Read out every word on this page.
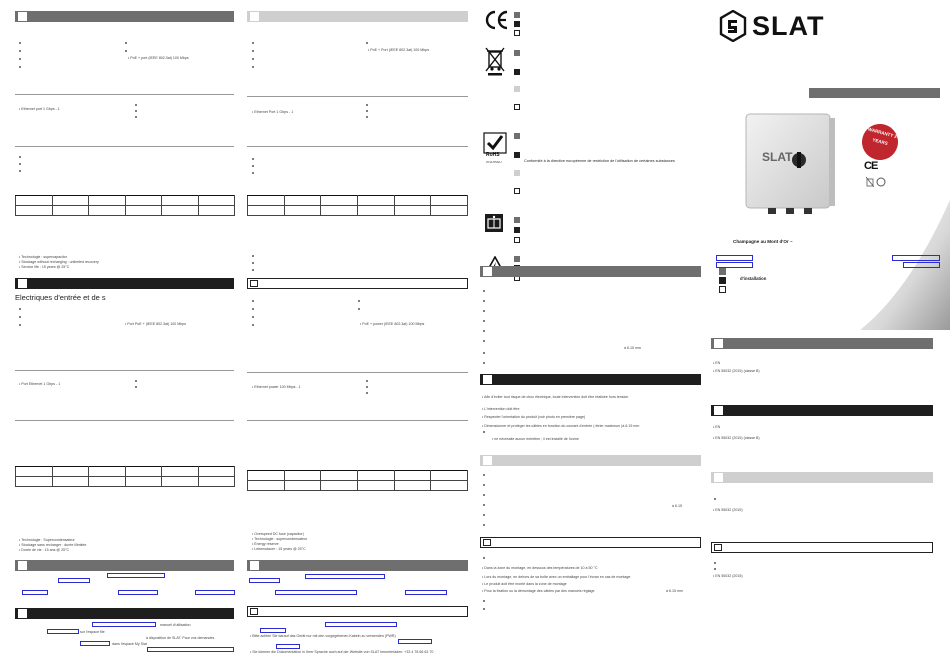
• PoE + port (IEEE 802.3at) 100 Mbps
• Ethernet port 1 Gbps - 1

• Technologie : supercapacitor
• Stockage without recharging : unlimited recovery
• Service life : 15 years @ 25°C
Electriques d'entrée et de s
• Port PoE + (IEEE 802.3at) 100 Mbps
• Port Ethernet 1 Gbps - 1

• Technologie : Supercondensateur
• Stockage sans recharger : durée illimitée
• Durée de vie : 15 ans @ 25°C
manuel d'utilisation
sur l'espace file
à disposition de SLAT. Pour vos demandes
dans l'espace My Slat
• PoE + Port (IEEE 802.3at) 100 Mbps
• Ethernet Port 1 Gbps - 1

• PoE + power (IEEE 802.3at) 100 Mbps
• Ethernet power 100 Mbps - 1

• Overspeed DC fuse (capacitor)
• Technologie : supercondensateur
• Energy reserve
• Lebensdauer : 15 years @ 25°C
• Bitte achten Sie darauf das Gerät nur mit den vorgegebenen Kabeln zu verwenden (PWR)
• Sie können die Dokumentation in Ihrer Sprache auch auf der Website von SLAT herunterladen: +33 4 78 66 63 70
RoHS
2011/65/EU	Conformité à la directive européenne de restriction de l'utilisation de certaines substances
à 6.15 mm
• Afin d'éviter tout risque de choc électrique, toute intervention doit être réalisée hors tension
• L'intervention doit être
• Respecter l'orientation du produit (voir photo en première page)
• Dimensionner et protéger les câbles en fonction du courant d'entrée ( étrier maximum )à 6.15 mm
• ne nécessite aucun entretien ; il est installé de l'usine
à 6.15
• Dans la zone du montage, en dessous des températures de 10 à 50 °C
• Lors du montage, en dehors de sa boîte avec un emballage pour l'écran en cas de montage
• Le produit doit être monté dans la zone de montage
• Pour la fixation ou la démontage des câbles par des manuels réglage	à 6.15 mm
SLAT
SLAT
WARRANTY 2 YEARS
CE
Champagne au Mont d'Or –
d'installation
• EN
• EN 55032 (2015) (classe B)
• EN
• EN 55032 (2015) (classe B)
• EN 55032 (2015)
• EN 55032 (2015)
